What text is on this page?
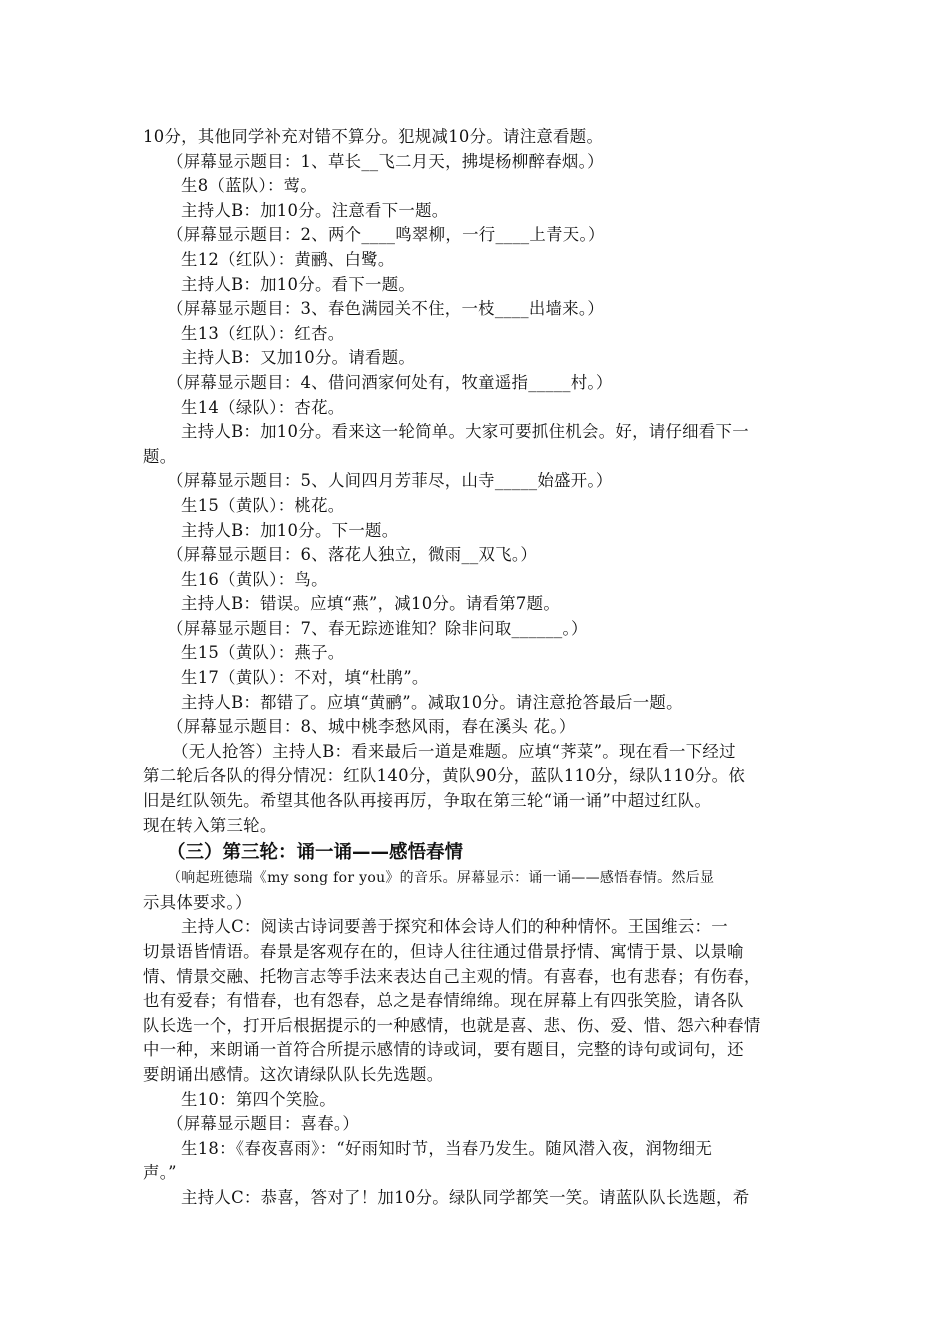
10分，其他同学补充对错不算分。犯规减10分。请注意看题。
（屏幕显示题目：1、草长__飞二月天，拂堤杨柳醉春烟。）
生8（蓝队）：莺。
主持人B：加10分。注意看下一题。
（屏幕显示题目：2、两个____鸣翠柳，一行____上青天。）
生12（红队）：黄鹂、白鹭。
主持人B：加10分。看下一题。
（屏幕显示题目：3、春色满园关不住，一枝____出墙来。）
生13（红队）：红杏。
主持人B：又加10分。请看题。
（屏幕显示题目：4、借问酒家何处有，牧童遥指_____村。）
生14（绿队）：杏花。
主持人B：加10分。看来这一轮简单。大家可要抓住机会。好，请仔细看下一
题。
（屏幕显示题目：5、人间四月芳菲尽，山寺_____始盛开。）
生15（黄队）：桃花。
主持人B：加10分。下一题。
（屏幕显示题目：6、落花人独立，微雨__双飞。）
生16（黄队）：鸟。
主持人B：错误。应填“燕”，减10分。请看第7题。
（屏幕显示题目：7、春无踪迹谁知？除非问取______。）
生15（黄队）：燕子。
生17（黄队）：不对，填“杜鹃”。
主持人B：都错了。应填“黄鹂”。减取10分。请注意抢答最后一题。
（屏幕显示题目：8、城中桃李愁风雨，春在溪头 花。）
（无人抢答）主持人B：看来最后一道是难题。应填“荠菜”。现在看一下经过
第二轮后各队的得分情况：红队140分，黄队90分，蓝队110分，绿队110分。依
旧是红队领先。希望其他各队再接再厉，争取在第三轮“诵一诵”中超过红队。
现在转入第三轮。
（三）第三轮：诵一诵——感悟春情
（响起班德瑞《my song for you》的音乐。屏幕显示：诵一诵——感悟春情。然后显
示具体要求。）
主持人C：阅读古诗词要善于探究和体会诗人们的种种情怀。王国维云：一
切景语皆情语。春景是客观存在的，但诗人往往通过借景抒情、寓情于景、以景喻
情、情景交融、托物言志等手法来表达自己主观的情。有喜春，也有悲春；有伤春，
也有爱春；有惜春，也有怨春，总之是春情绵绵。现在屏幕上有四张笑脸，请各队
队长选一个，打开后根据提示的一种感情，也就是喜、悲、伤、爱、惜、怨六种春情
中一种，来朗诵一首符合所提示感情的诗或词，要有题目，完整的诗句或词句，还
要朗诵出感情。这次请绿队队长先选题。
生10：第四个笑脸。
（屏幕显示题目：喜春。）
生18：《春夜喜雨》：“好雨知时节，当春乃发生。随风潜入夜，润物细无
声。”
主持人C：恭喜，答对了！加10分。绿队同学都笑一笑。请蓝队队长选题，希
